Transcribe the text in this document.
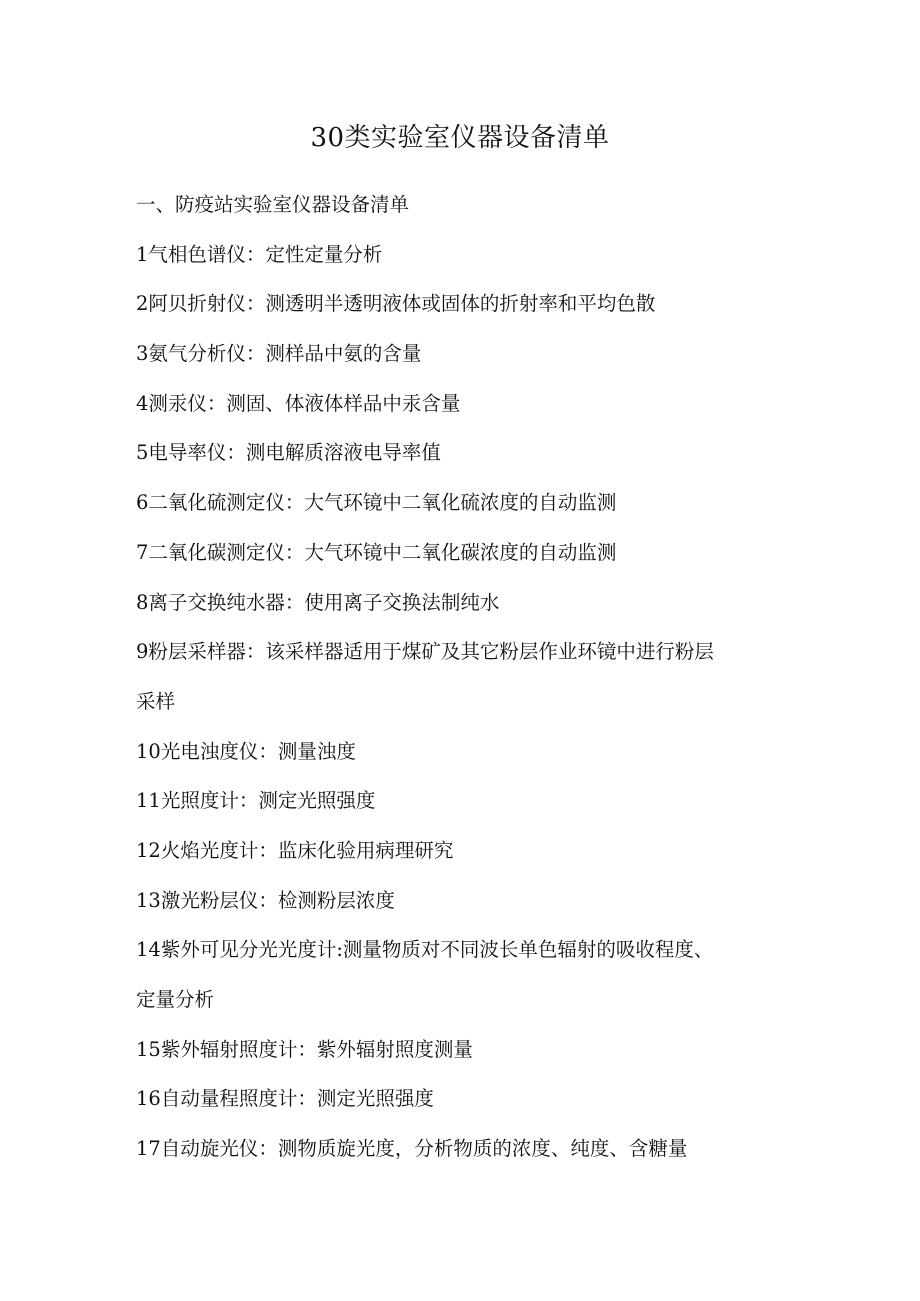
30类实验室仪器设备清单
一、防疫站实验室仪器设备清单
1气相色谱仪：定性定量分析
2阿贝折射仪：测透明半透明液体或固体的折射率和平均色散
3氨气分析仪：测样品中氨的含量
4测汞仪：测固、体液体样品中汞含量
5电导率仪：测电解质溶液电导率值
6二氧化硫测定仪：大气环镜中二氧化硫浓度的自动监测
7二氧化碳测定仪：大气环镜中二氧化碳浓度的自动监测
8离子交换纯水器：使用离子交换法制纯水
9粉层采样器：该采样器适用于煤矿及其它粉层作业环镜中进行粉层
采样
10光电浊度仪：测量浊度
11光照度计：测定光照强度
12火焰光度计：监床化验用病理研究
13激光粉层仪：检测粉层浓度
14紫外可见分光光度计:测量物质对不同波长单色辐射的吸收程度、
定量分析
15紫外辐射照度计：紫外辐射照度测量
16自动量程照度计：测定光照强度
17自动旋光仪：测物质旋光度，分析物质的浓度、纯度、含糖量
